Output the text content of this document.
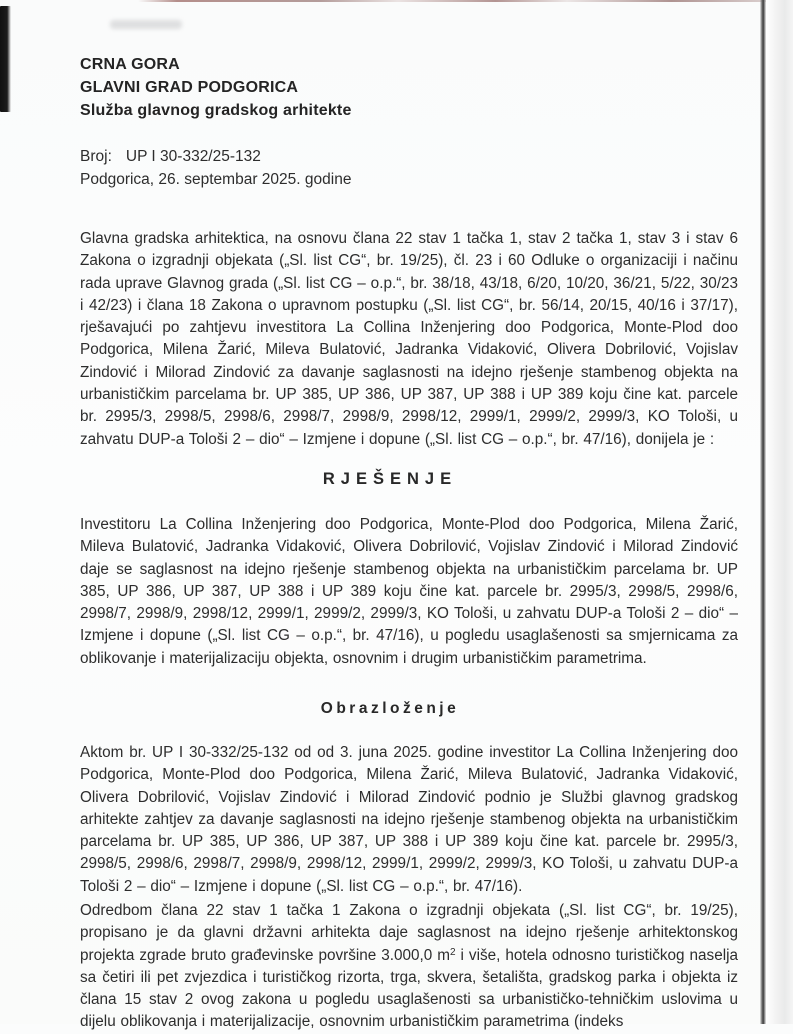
CRNA GORA
GLAVNI GRAD PODGORICA
Služba glavnog gradskog arhitekte
Broj: UP I 30-332/25-132
Podgorica, 26. septembar 2025. godine

Glavna gradska arhitektica, na osnovu člana 22 stav 1 tačka 1, stav 2 tačka 1, stav 3 i stav 6 Zakona o izgradnji objekata („Sl. list CG“, br. 19/25), čl. 23 i 60 Odluke o organizaciji i načinu rada uprave Glavnog grada („Sl. list CG – o.p.“, br. 38/18, 43/18, 6/20, 10/20, 36/21, 5/22, 30/23 i 42/23) i člana 18 Zakona o upravnom postupku („Sl. list CG“, br. 56/14, 20/15, 40/16 i 37/17), rješavajući po zahtjevu investitora La Collina Inženjering doo Podgorica, Monte-Plod doo Podgorica, Milena Žarić, Mileva Bulatović, Jadranka Vidaković, Olivera Dobrilović, Vojislav Zindović i Milorad Zindović za davanje saglasnosti na idejno rješenje stambenog objekta na urbanističkim parcelama br. UP 385, UP 386, UP 387, UP 388 i UP 389 koju čine kat. parcele br. 2995/3, 2998/5, 2998/6, 2998/7, 2998/9, 2998/12, 2999/1, 2999/2, 2999/3, KO Tološi, u zahvatu DUP-a Tološi 2 – dio“ – Izmjene i dopune („Sl. list CG – o.p.“, br. 47/16), donijela je :

RJEŠENJE

Investitoru La Collina Inženjering doo Podgorica, Monte-Plod doo Podgorica, Milena Žarić, Mileva Bulatović, Jadranka Vidaković, Olivera Dobrilović, Vojislav Zindović i Milorad Zindović daje se saglasnost na idejno rješenje stambenog objekta na urbanističkim parcelama br. UP 385, UP 386, UP 387, UP 388 i UP 389 koju čine kat. parcele br. 2995/3, 2998/5, 2998/6, 2998/7, 2998/9, 2998/12, 2999/1, 2999/2, 2999/3, KO Tološi, u zahvatu DUP-a Tološi 2 – dio“ – Izmjene i dopune („Sl. list CG – o.p.“, br. 47/16), u pogledu usaglašenosti sa smjernicama za oblikovanje i materijalizaciju objekta, osnovnim i drugim urbanističkim parametrima.

Obrazloženje

Aktom br. UP I 30-332/25-132 od od 3. juna 2025. godine investitor La Collina Inženjering doo Podgorica, Monte-Plod doo Podgorica, Milena Žarić, Mileva Bulatović, Jadranka Vidaković, Olivera Dobrilović, Vojislav Zindović i Milorad Zindović podnio je Službi glavnog gradskog arhitekte zahtjev za davanje saglasnosti na idejno rješenje stambenog objekta na urbanističkim parcelama br. UP 385, UP 386, UP 387, UP 388 i UP 389 koju čine kat. parcele br. 2995/3, 2998/5, 2998/6, 2998/7, 2998/9, 2998/12, 2999/1, 2999/2, 2999/3, KO Tološi, u zahvatu DUP-a Tološi 2 – dio“ – Izmjene i dopune („Sl. list CG – o.p.“, br. 47/16).

Odredbom člana 22 stav 1 tačka 1 Zakona o izgradnji objekata („Sl. list CG“, br. 19/25), propisano je da glavni državni arhitekta daje saglasnost na idejno rješenje arhitektonskog projekta zgrade bruto građevinske površine 3.000,0 $m^2$ i više, hotela odnosno turističkog naselja sa četiri ili pet zvjezdica i turističkog rizorta, trga, skvera, šetališta, gradskog parka i objekta iz člana 15 stav 2 ovog zakona u pogledu usaglašenosti sa urbanističko-tehničkim uslovima u dijelu oblikovanja i materijalizacije, osnovnim urbanističkim parametrima (indeks
